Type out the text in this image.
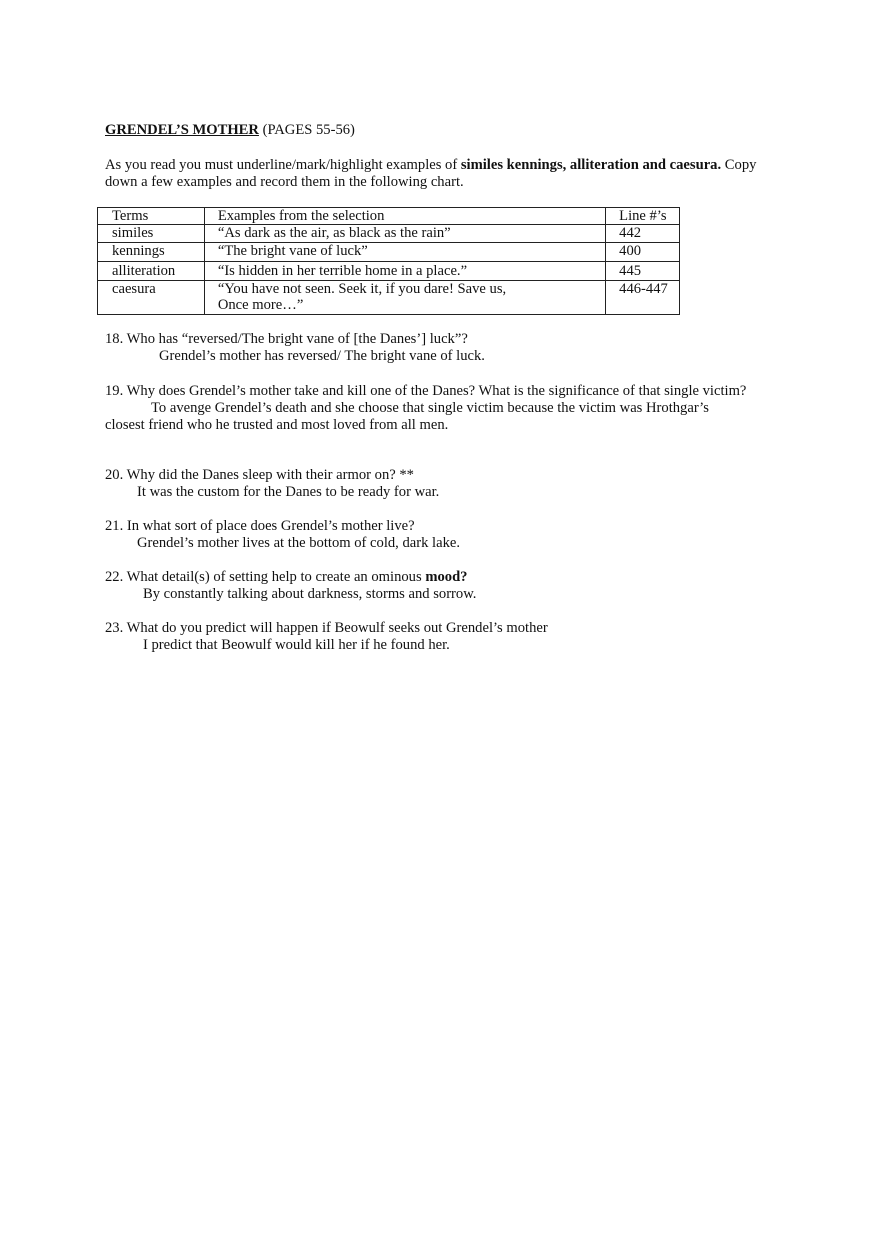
GRENDEL’S MOTHER (PAGES 55-56)
As you read you must underline/mark/highlight examples of similes kennings, alliteration and caesura. Copy down a few examples and record them in the following chart.
Terms	Examples from the selection	Line #’s
similes	“As dark as the air, as black as the rain”	442
kennings	“The bright vane of luck”	400
alliteration	“Is hidden in her terrible home in a place.”	445
caesura	“You have not seen. Seek it, if you dare! Save us,
Once more…”	446-447
18. Who has “reversed/The bright vane of [the Danes’] luck”?
Grendel’s mother has reversed/ The bright vane of luck.
19. Why does Grendel’s mother take and kill one of the Danes? What is the significance of that single victim?
To avenge Grendel’s death and she choose that single victim because the victim was Hrothgar’s
closest friend who he trusted and most loved from all men.
20. Why did the Danes sleep with their armor on? **
It was the custom for the Danes to be ready for war.
21. In what sort of place does Grendel’s mother live?
Grendel’s mother lives at the bottom of cold, dark lake.
22. What detail(s) of setting help to create an ominous mood?
By constantly talking about darkness, storms and sorrow.
23. What do you predict will happen if Beowulf seeks out Grendel’s mother
I predict that Beowulf would kill her if he found her.
